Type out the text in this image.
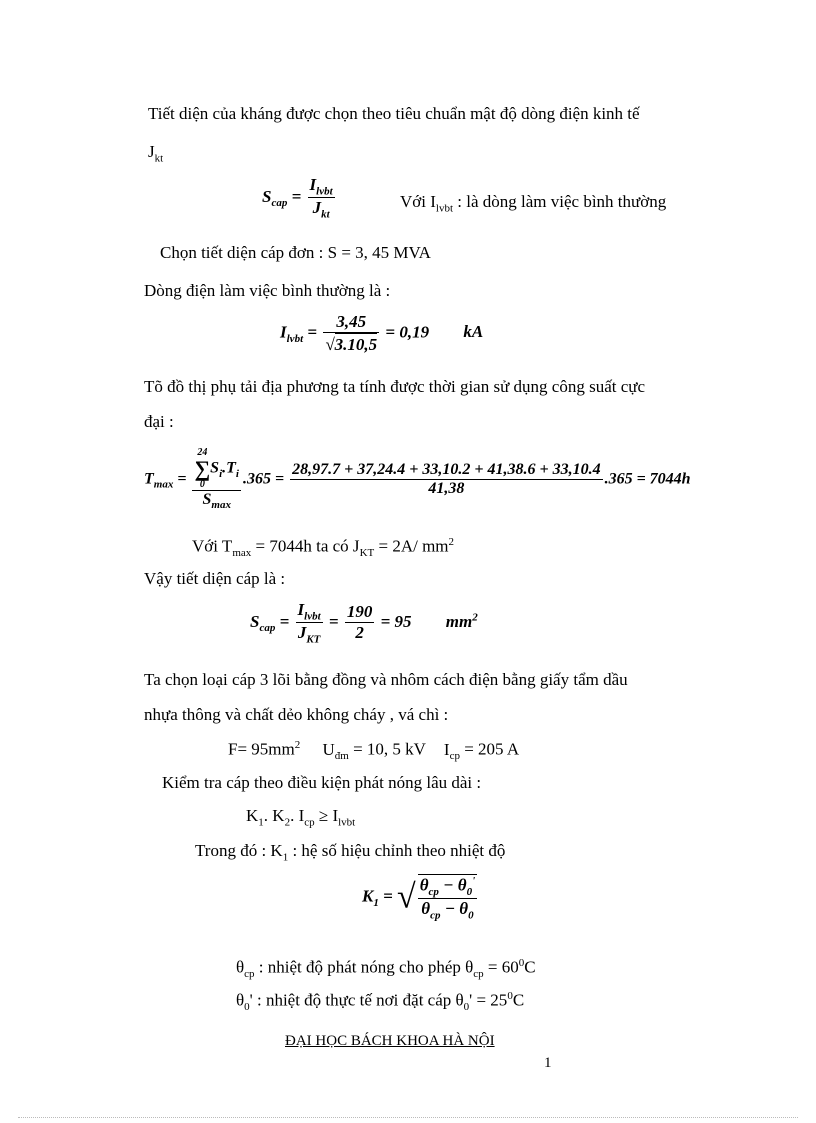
Tiết diện của kháng được chọn theo tiêu chuẩn mật độ dòng điện kinh tế
$J_{kt}$
$S_{cap} = \frac{I_{lvbt}}{J_{kt}}$	Với $I_{lvbt}$ : là dòng làm việc bình thường
Chọn tiết diện cáp đơn : S = 3, 45 MVA
Dòng điện làm việc bình thường là :
$I_{lvbt} = \frac{3,45}{√3.10,5} = 0,19$ kA
Tõ đồ thị phụ tải địa phương ta tính được thời gian sử dụng công suất cực
đại :
$T_{max} = 24$
∑
0
$S_i.T_i$
$S_{max}$ $.365 = \frac{28,97.7 + 37,24.4 + 33,10.2 + 41,38.6 + 33,10.4}{41,38} .365 = 7044h$
Với $T_{max} = 7044h$ ta có $J_{KT} = 2A/$ $mm^2$
Vậy tiết diện cáp là :
$S_{cap} = \frac{I_{lvbt}}{J_{KT}} = \frac{190}{2} = 95$ $mm^2$
Ta chọn loại cáp 3 lõi bằng đồng và nhôm cách điện bằng giấy tẩm dầu
nhựa thông và chất dẻo không cháy , vá chì :
$F= 95mm^2$ $U_{đm} = 10$, 5 kV $I_{cp} = 205$ A
Kiểm tra cáp theo điều kiện phát nóng lâu dài :
$K_1$. $K_2$. $I_{cp} \ge I_{lvbt}$
Trong đó : $K_1$ : hệ số hiệu chỉnh theo nhiệt độ
$K_1$ = √ $\frac{\theta_{cp} - \theta_0'}{\theta_{cp} - \theta_0}$
$\theta_{cp}$ : nhiệt độ phát nóng cho phép $\theta_{cp} = 60^0C$
$\theta_0'$ : nhiệt độ thực tế nơi đặt cáp $\theta_0' = 25^0C$
ĐẠI HỌC BÁCH KHOA HÀ NỘI
1
